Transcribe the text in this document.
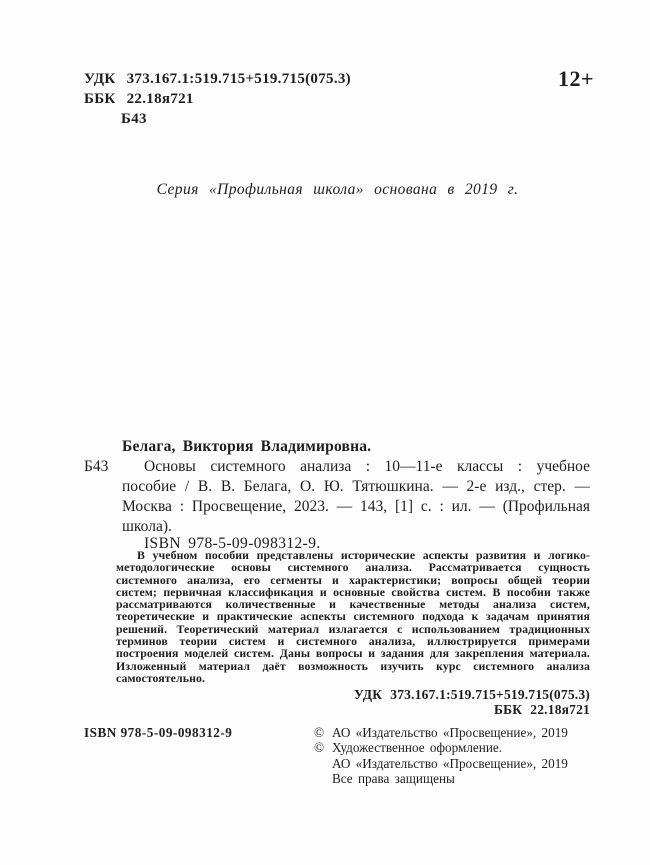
УДК 373.167.1:519.715+519.715(075.3)
ББК 22.18я721
Б43
12+
Серия «Профильная школа» основана в 2019 г.
Белага, Виктория Владимировна.
Б43	Основы системного анализа : 10—11-е классы : учебное пособие / В. В. Белага, О. Ю. Тятюшкина. — 2-е изд., стер. — Москва : Просвещение, 2023. — 143, [1] с. : ил. — (Профильная школа).
ISBN 978-5-09-098312-9.
В учебном пособии представлены исторические аспекты развития и логико-методологические основы системного анализа. Рассматривается сущность системного анализа, его сегменты и характеристики; вопросы общей теории систем; первичная классификация и основные свойства систем. В пособии также рассматриваются количественные и качественные методы анализа систем, теоретические и практические аспекты системного подхода к задачам принятия решений. Теоретический материал излагается с использованием традиционных терминов теории систем и системного анализа, иллюстрируется примерами построения моделей систем. Даны вопросы и задания для закрепления материала. Изложенный материал даёт возможность изучить курс системного анализа самостоятельно.
УДК 373.167.1:519.715+519.715(075.3)
ББК 22.18я721
ISBN 978-5-09-098312-9	© АО «Издательство «Просвещение», 2019
© Художественное оформление.
АО «Издательство «Просвещение», 2019
Все права защищены
